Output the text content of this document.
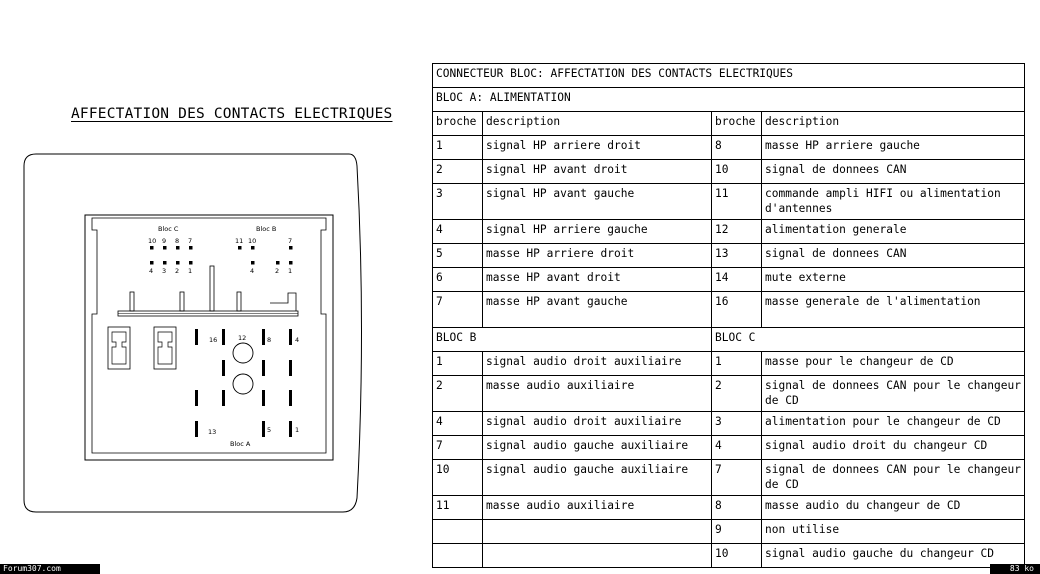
AFFECTATION DES CONTACTS ELECTRIQUES
Bloc C	Bloc B
Bloc A
10 9 8 7
4 3 2 1
11 10	7
4	2 1
16	12	8	4
13	5	1
CONNECTEUR BLOC: AFFECTATION DES CONTACTS ELECTRIQUES			
BLOC A: ALIMENTATION			
broche	description	broche	description
1	signal HP arriere droit	8	masse HP arriere gauche
2	signal HP avant droit	10	signal de donnees CAN
3	signal HP avant gauche	11	commande ampli HIFI ou alimentation d'antennes
4	signal HP arriere gauche	12	alimentation generale
5	masse HP arriere droit	13	signal de donnees CAN
6	masse HP avant droit	14	mute externe
7	masse HP avant gauche	16	masse generale de l'alimentation
BLOC B		BLOC C	
1	signal audio droit auxiliaire	1	masse pour le changeur de CD
2	masse audio auxiliaire	2	signal de donnees CAN pour le changeur de CD
4	signal audio droit auxiliaire	3	alimentation pour le changeur de CD
7	signal audio gauche auxiliaire	4	signal audio droit du changeur CD
10	signal audio gauche auxiliaire	7	signal de donnees CAN pour le changeur de CD
11	masse audio auxiliaire	8	masse audio du changeur de CD
		9	non utilise
		10	signal audio gauche du changeur CD
Forum307.com	83 ko
